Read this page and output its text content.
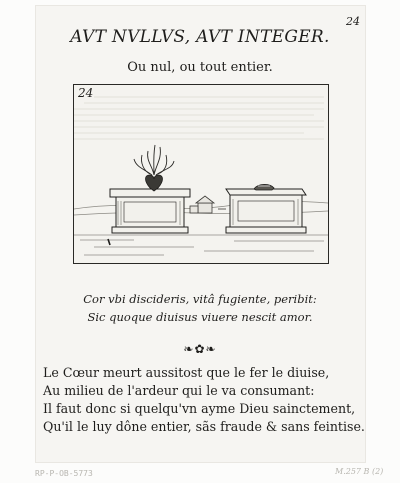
24
AVT NVLLVS, AVT INTEGER.
Ou nul, ou tout entier.
24
Cor vbi discideris, vitâ fugiente, peribit:
Sic quoque diuisus viuere nescit amor.
❧✿❧
Le Cœur meurt aussitost que le fer le diuise,
Au milieu de l'ardeur qui le va consumant:
Il faut donc si quelqu'vn ayme Dieu sainctement,
Qu'il le luy dône entier, sãs fraude & sans feintise.
RP-P-OB-5773	M.257 B (2)
